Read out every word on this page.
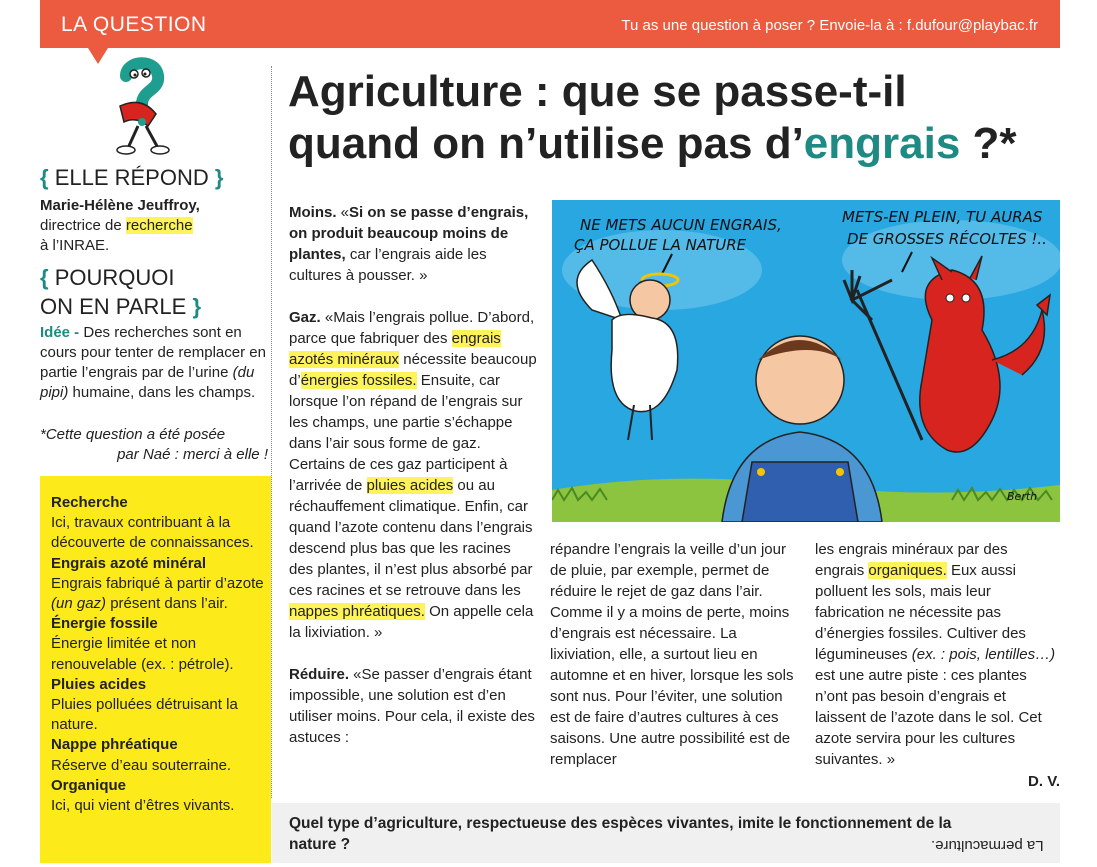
LA QUESTION	Tu as une question à poser ? Envoie-la à : f.dufour@playbac.fr
{ ELLE RÉPOND }
Marie-Hélène Jeuffroy,
directrice de recherche
à l’INRAE.
{ POURQUOI
ON EN PARLE }
Idée - Des recherches sont en cours pour tenter de remplacer en partie l’engrais par de l’urine (du pipi) humaine, dans les champs.
*Cette question a été posée
par Naé : merci à elle !
Recherche
Ici, travaux contribuant à la découverte de connaissances.
Engrais azoté minéral
Engrais fabriqué à partir d’azote (un gaz) présent dans l’air.
Énergie fossile
Énergie limitée et non renouvelable (ex. : pétrole).
Pluies acides
Pluies polluées détruisant la nature.
Nappe phréatique
Réserve d’eau souterraine.
Organique
Ici, qui vient d’êtres vivants.
Agriculture : que se passe-t-il
quand on n’utilise pas d’engrais ?*

Moins. «Si on se passe d’engrais, on produit beaucoup moins de plantes, car l’engrais aide les cultures à pousser. »

Gaz. «Mais l’engrais pollue. D’abord, parce que fabriquer des engrais azotés minéraux nécessite beaucoup d’énergies fossiles. Ensuite, car lorsque l’on répand de l’engrais sur les champs, une partie s’échappe dans l’air sous forme de gaz. Certains de ces gaz participent à l’arrivée de pluies acides ou au réchauffement climatique. Enfin, car quand l’azote contenu dans l’engrais descend plus bas que les racines des plantes, il n’est plus absorbé par ces racines et se retrouve dans les nappes phréatiques. On appelle cela la lixiviation. »

Réduire. «Se passer d’engrais étant impossible, une solution est d’en utiliser moins. Pour cela, il existe des astuces :

NE METS AUCUN ENGRAIS,
ÇA POLLUE LA NATURE
METS-EN PLEIN, TU AURAS
DE GROSSES RÉCOLTES !..
Berth

répandre l’engrais la veille d’un jour de pluie, par exemple, permet de réduire le rejet de gaz dans l’air. Comme il y a moins de perte, moins d’engrais est nécessaire. La lixiviation, elle, a surtout lieu en automne et en hiver, lorsque les sols sont nus. Pour l’éviter, une solution est de faire d’autres cultures à ces saisons. Une autre possibilité est de remplacer

les engrais minéraux par des engrais organiques. Eux aussi polluent les sols, mais leur fabrication ne nécessite pas d’énergies fossiles. Cultiver des légumineuses (ex. : pois, lentilles…) est une autre piste : ces plantes n’ont pas besoin d’engrais et laissent de l’azote dans le sol. Cet azote servira pour les cultures suivantes. »

D. V.
Quel type d’agriculture, respectueuse des espèces vivantes, imite le fonctionnement de la nature ?	La permaculture.
